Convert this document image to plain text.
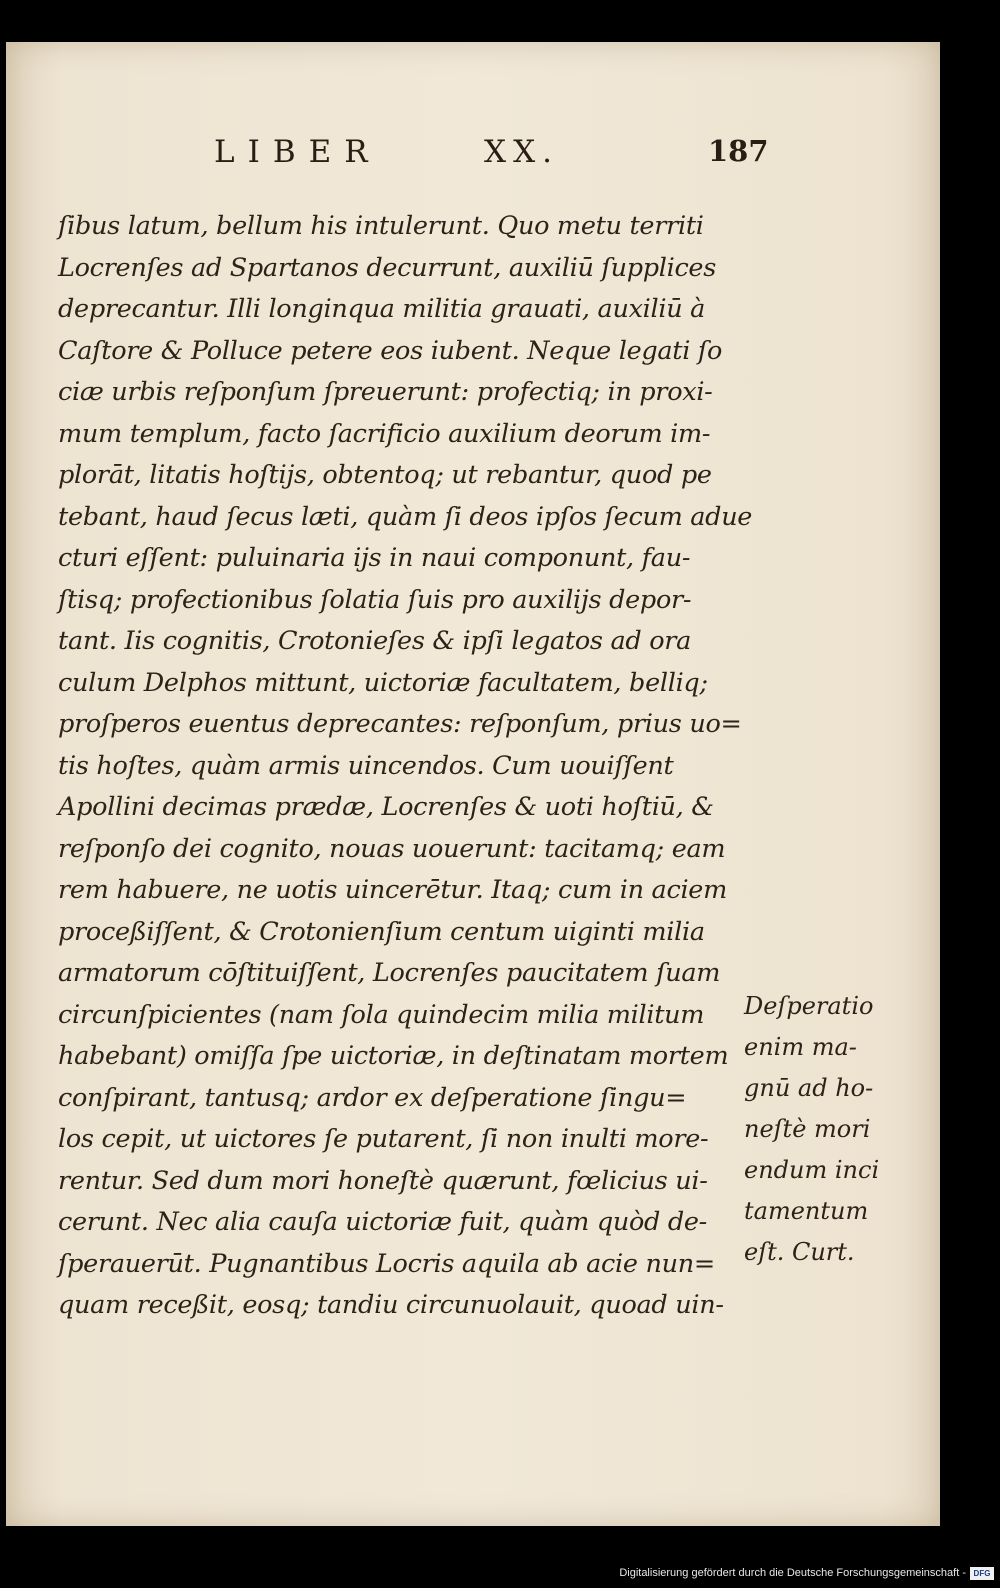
LIBER	XX.	187
ſibus latum, bellum his intulerunt. Quo metu territi
Locrenſes ad Spartanos decurrunt, auxiliū ſupplices
deprecantur. Illi longinqua militia grauati, auxiliū à
Caſtore & Polluce petere eos iubent. Neque legati ſo
ciæ urbis reſponſum ſpreuerunt: profectiq; in proxi-
mum templum, facto ſacrificio auxilium deorum im-
plorāt, litatis hoſtijs, obtentoq; ut rebantur, quod pe
tebant, haud ſecus læti, quàm ſi deos ipſos ſecum adue
cturi eſſent: puluinaria ijs in naui componunt, fau-
ſtisq; profectionibus ſolatia ſuis pro auxilijs depor-
tant. Iis cognitis, Crotonieſes & ipſi legatos ad ora
culum Delphos mittunt, uictoriæ facultatem, belliq;
proſperos euentus deprecantes: reſponſum, prius uo=
tis hoſtes, quàm armis uincendos. Cum uouiſſent
Apollini decimas prædæ, Locrenſes & uoti hoſtiū, &
reſponſo dei cognito, nouas uouerunt: tacitamq; eam
rem habuere, ne uotis uincerētur. Itaq; cum in aciem
proceßiſſent, & Crotonienſium centum uiginti milia
armatorum cōſtituiſſent, Locrenſes paucitatem ſuam
circunſpicientes (nam ſola quindecim milia militum
habebant) omiſſa ſpe uictoriæ, in deſtinatam mortem
conſpirant, tantusq; ardor ex deſperatione ſingu=
los cepit, ut uictores ſe putarent, ſi non inulti more-
rentur. Sed dum mori honeſtè quærunt, fœlicius ui-
cerunt. Nec alia cauſa uictoriæ fuit, quàm quòd de-
ſperauerūt. Pugnantibus Locris aquila ab acie nun=
quam receßit, eosq; tandiu circunuolauit, quoad uin-
Deſperatio
enim ma-
gnū ad ho-
neſtè mori
endum inci
tamentum
eſt. Curt.
Digitalisierung gefördert durch die Deutsche Forschungsgemeinschaft - DFG
